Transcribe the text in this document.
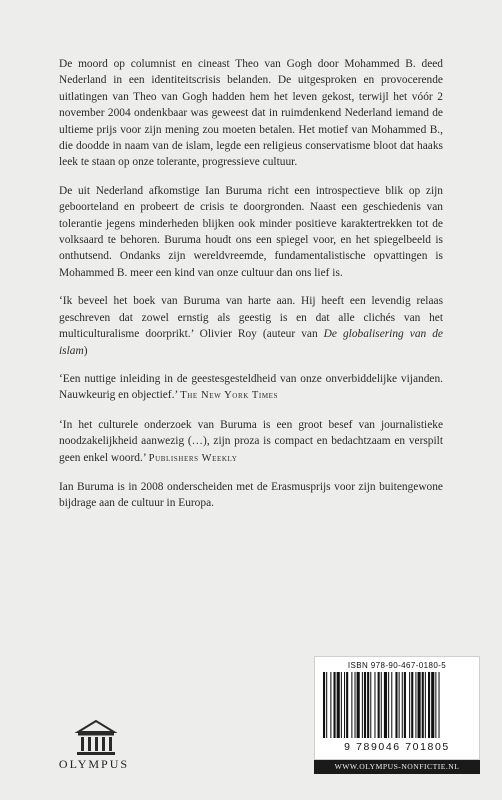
De moord op columnist en cineast Theo van Gogh door Mohammed B. deed Nederland in een identiteitscrisis belanden. De uitgesproken en provocerende uitlatingen van Theo van Gogh hadden hem het leven gekost, terwijl het vóór 2 november 2004 ondenkbaar was geweest dat in ruimdenkend Nederland iemand de ultieme prijs voor zijn mening zou moeten betalen. Het motief van Mohammed B., die doodde in naam van de islam, legde een religieus conservatisme bloot dat haaks leek te staan op onze tolerante, progressieve cultuur.

De uit Nederland afkomstige Ian Buruma richt een introspectieve blik op zijn geboorteland en probeert de crisis te doorgronden. Naast een geschiedenis van tolerantie jegens minderheden blijken ook minder positieve karaktertrekken tot de volksaard te behoren. Buruma houdt ons een spiegel voor, en het spiegelbeeld is onthutsend. Ondanks zijn wereldvreemde, fundamentalistische opvattingen is Mohammed B. meer een kind van onze cultuur dan ons lief is.

‘Ik beveel het boek van Buruma van harte aan. Hij heeft een levendig relaas geschreven dat zowel ernstig als geestig is en dat alle clichés van het multiculturalisme doorprikt.’ Olivier Roy (auteur van De globalisering van de islam)

‘Een nuttige inleiding in de geestesgesteldheid van onze onverbiddelijke vijanden. Nauwkeurig en objectief.’ The New York Times

‘In het culturele onderzoek van Buruma is een groot besef van journalistieke noodzakelijkheid aanwezig (…), zijn proza is compact en bedachtzaam en verspilt geen enkel woord.’ Publishers Weekly

Ian Buruma is in 2008 onderscheiden met de Erasmusprijs voor zijn buitengewone bijdrage aan de cultuur in Europa.

OLYMPUS
ISBN 978-90-467-0180-5
9 789046 701805
WWW.OLYMPUS-NONFICTIE.NL
